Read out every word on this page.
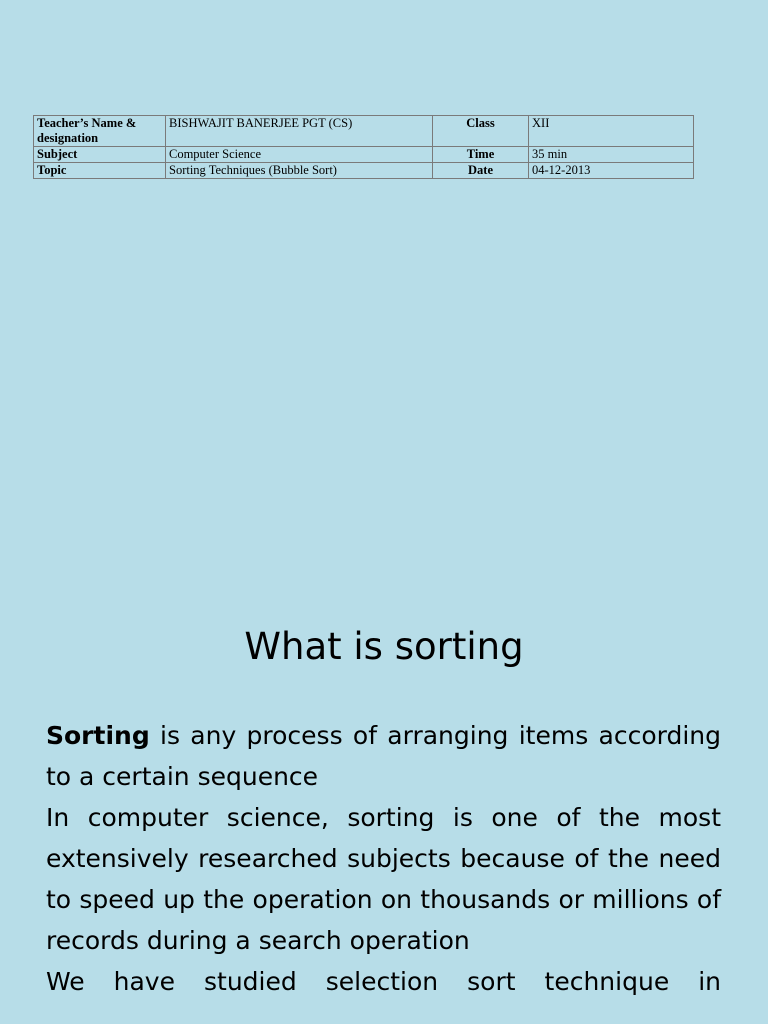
Teacher’s Name & designation	BISHWAJIT BANERJEE PGT (CS)	Class	XII
Subject	Computer Science	Time	35 min
Topic	Sorting Techniques (Bubble Sort)	Date	04-12-2013
What is sorting

Sorting is any process of arranging items according to a certain sequence

In computer science, sorting is one of the most extensively researched subjects because of the need to speed up the operation on thousands or millions of records during a search operation

We have studied selection sort technique in
